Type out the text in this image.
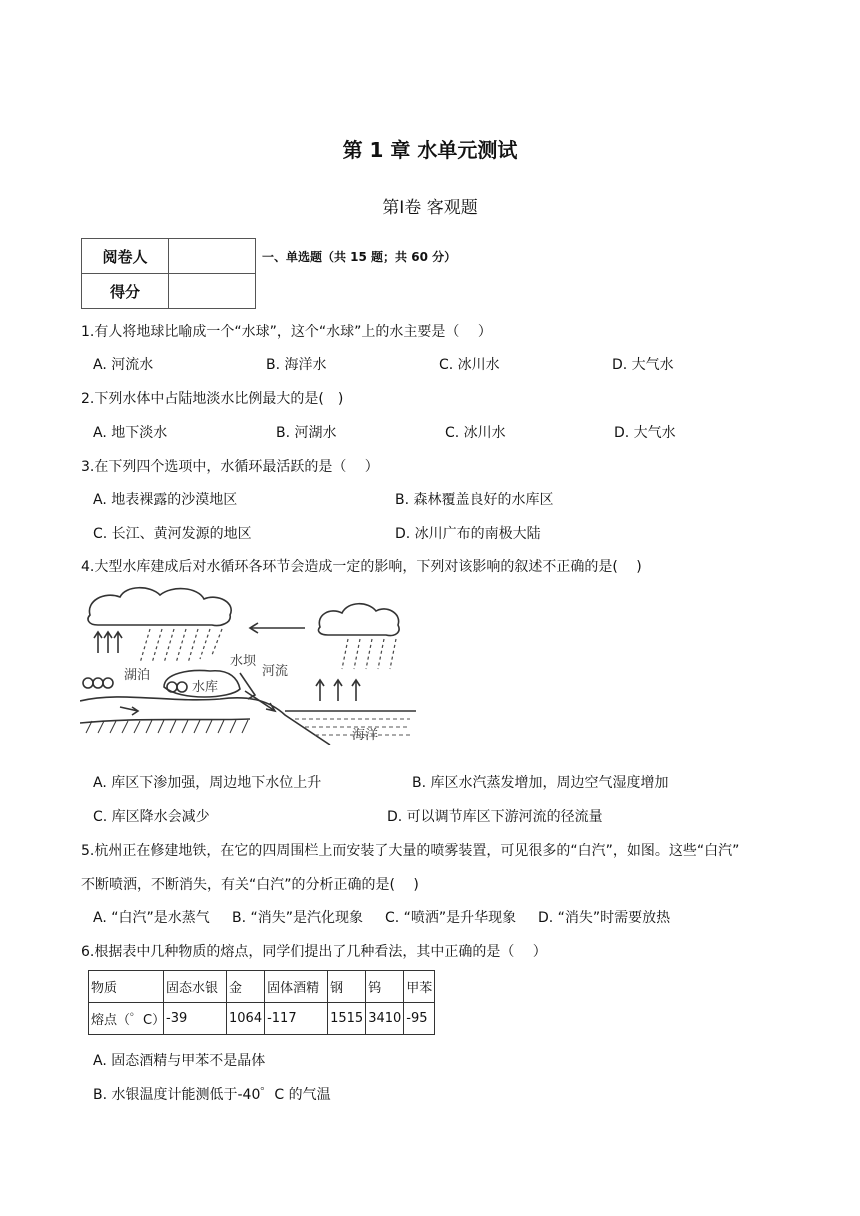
第 1 章 水单元测试
第Ⅰ卷 客观题
阅卷人	
得分	
一、单选题（共 15 题；共 60 分）
1.有人将地球比喻成一个“水球”，这个“水球”上的水主要是（　 ）
A. 河流水	B. 海洋水	C. 冰川水	D. 大气水
2.下列水体中占陆地淡水比例最大的是(　)
A. 地下淡水	B. 河湖水	C. 冰川水	D. 大气水
3.在下列四个选项中，水循环最活跃的是（　 ）
A. 地表裸露的沙漠地区	B. 森林覆盖良好的水库区
C. 长江、黄河发源的地区	D. 冰川广布的南极大陆
4.大型水库建成后对水循环各环节会造成一定的影响，下列对该影响的叙述不正确的是(　 )
湖泊
水库
水坝
河流
海洋
A. 库区下渗加强，周边地下水位上升	B. 库区水汽蒸发增加，周边空气湿度增加
C. 库区降水会减少	D. 可以调节库区下游河流的径流量
5.杭州正在修建地铁，在它的四周围栏上而安装了大量的喷雾装置，可见很多的“白汽”，如图。这些“白汽”
不断喷洒，不断消失，有关“白汽”的分析正确的是(　 )
A. “白汽”是水蒸气 B. “消失”是汽化现象 C. “喷洒”是升华现象 D. “消失”时需要放热
6.根据表中几种物质的熔点，同学们提出了几种看法，其中正确的是（　 ）
物质	固态水银	金	固体酒精	钢	钨	甲苯
熔点（゜C）	-39	1064	-117	1515	3410	-95
A. 固态酒精与甲苯不是晶体
B. 水银温度计能测低于-40゜C 的气温
